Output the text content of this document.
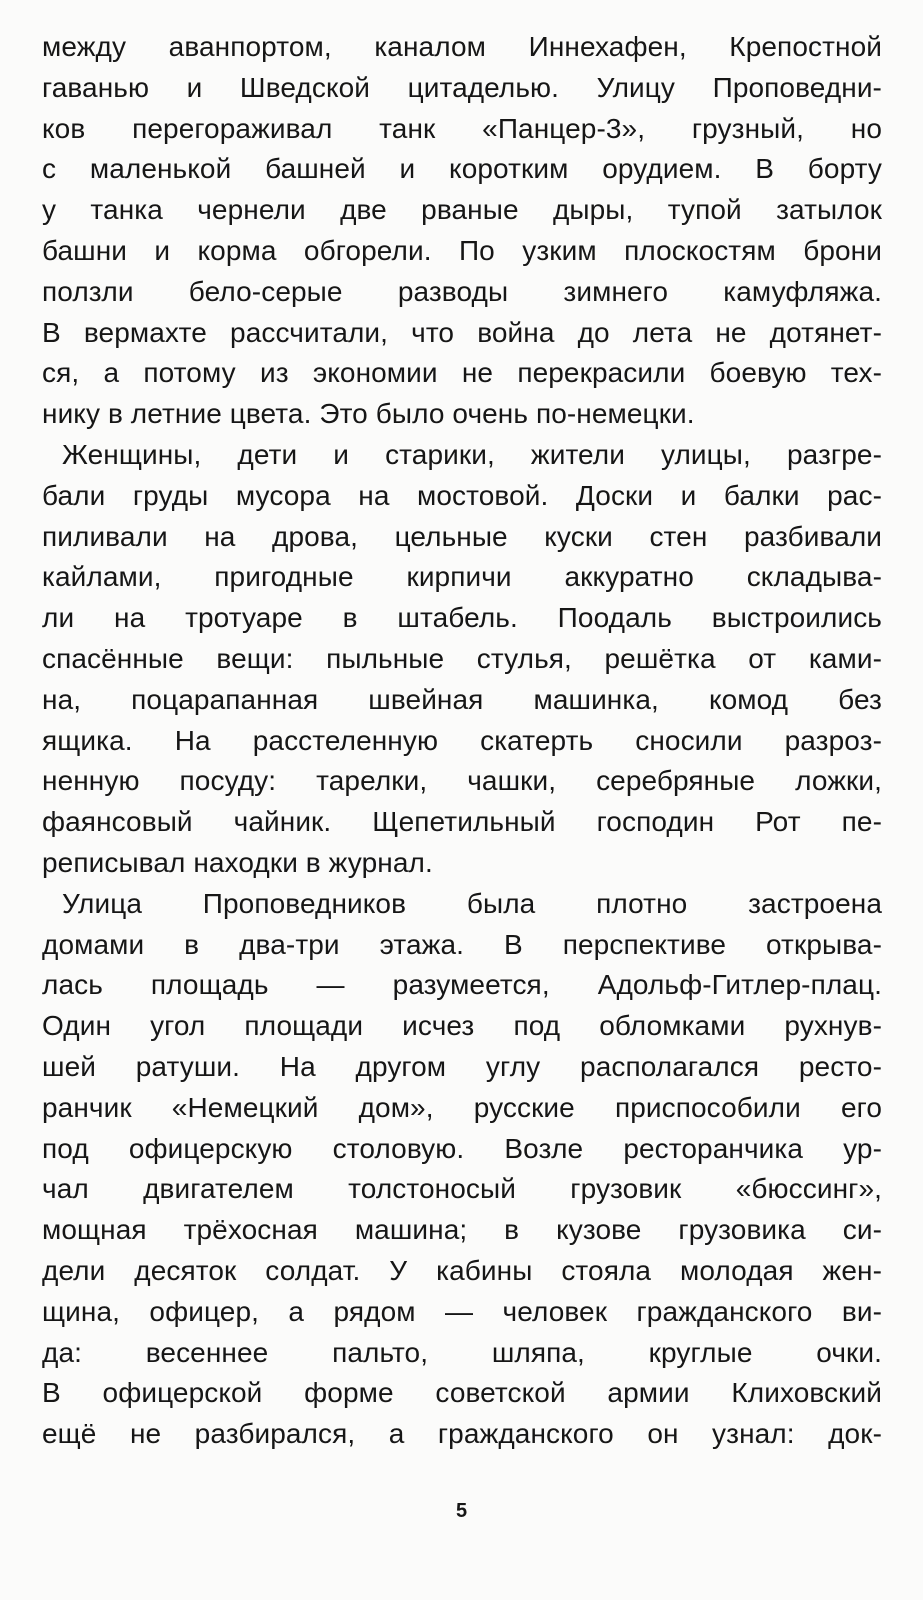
между аванпортом, каналом Иннехафен, Крепостной
гаванью и Шведской цитаделью. Улицу Проповедни-
ков перегораживал танк «Панцер-3», грузный, но
с маленькой башней и коротким орудием. В борту
у танка чернели две рваные дыры, тупой затылок
башни и корма обгорели. По узким плоскостям брони
ползли бело-серые разводы зимнего камуфляжа.
В вермахте рассчитали, что война до лета не дотянет-
ся, а потому из экономии не перекрасили боевую тех-
нику в летние цвета. Это было очень по-немецки.
Женщины, дети и старики, жители улицы, разгре-
бали груды мусора на мостовой. Доски и балки рас-
пиливали на дрова, цельные куски стен разбивали
кайлами, пригодные кирпичи аккуратно складыва-
ли на тротуаре в штабель. Поодаль выстроились
спасённые вещи: пыльные стулья, решётка от ками-
на, поцарапанная швейная машинка, комод без
ящика. На расстеленную скатерть сносили разроз-
ненную посуду: тарелки, чашки, серебряные ложки,
фаянсовый чайник. Щепетильный господин Рот пе-
реписывал находки в журнал.
Улица Проповедников была плотно застроена
домами в два-три этажа. В перспективе открыва-
лась площадь — разумеется, Адольф-Гитлер-плац.
Один угол площади исчез под обломками рухнув-
шей ратуши. На другом углу располагался ресто-
ранчик «Немецкий дом», русские приспособили его
под офицерскую столовую. Возле ресторанчика ур-
чал двигателем толстоносый грузовик «бюссинг»,
мощная трёхосная машина; в кузове грузовика си-
дели десяток солдат. У кабины стояла молодая жен-
щина, офицер, а рядом — человек гражданского ви-
да: весеннее пальто, шляпа, круглые очки.
В офицерской форме советской армии Клиховский
ещё не разбирался, а гражданского он узнал: док-
5
